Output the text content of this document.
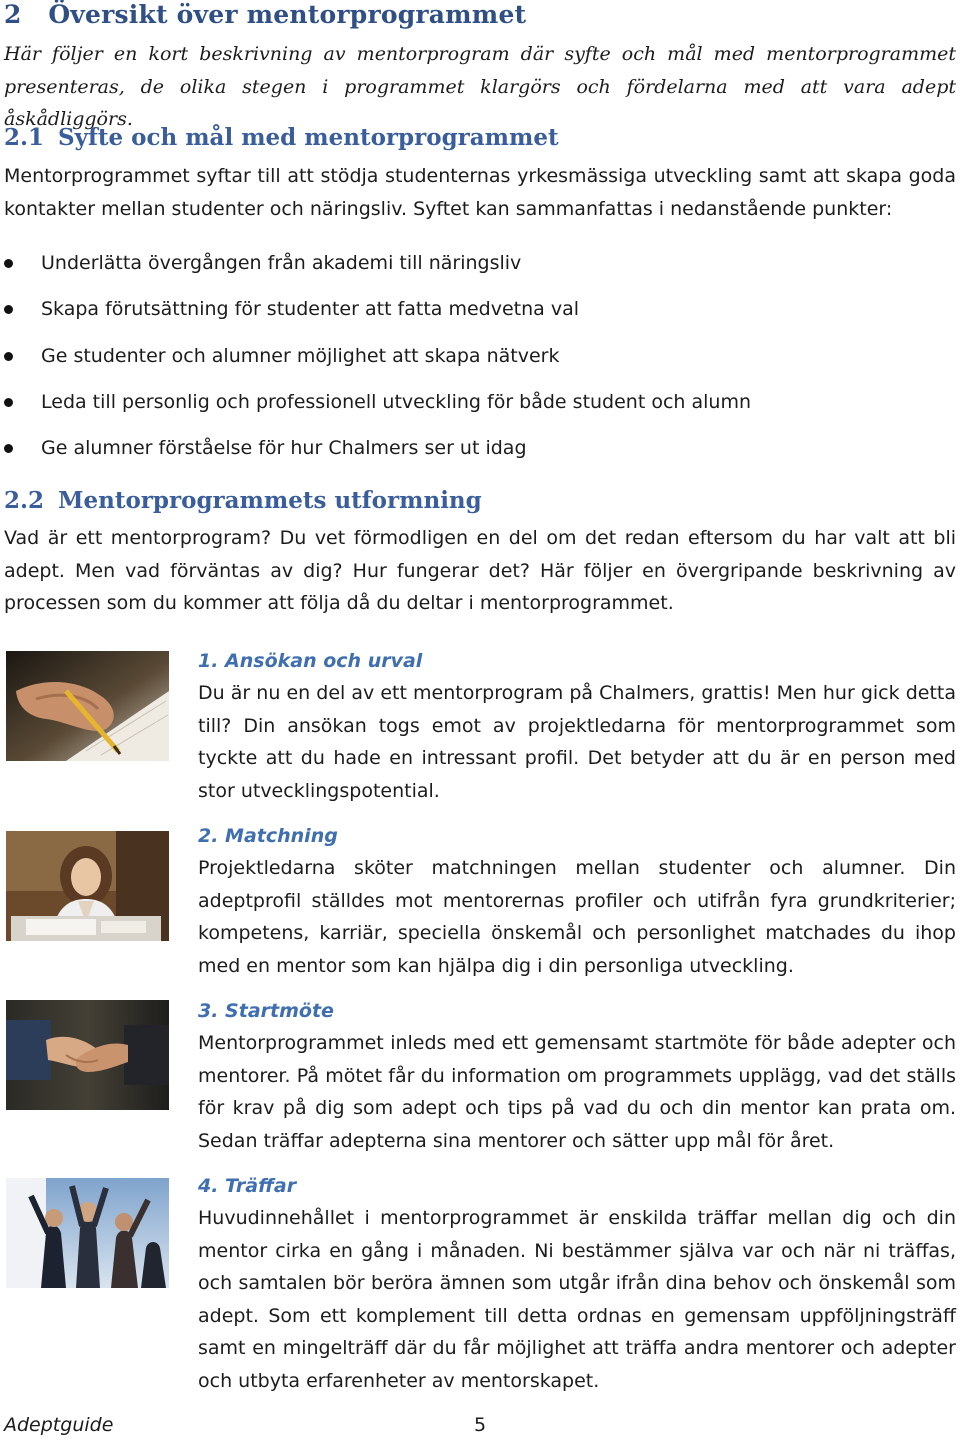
2 Översikt över mentorprogrammet

Här följer en kort beskrivning av mentorprogram där syfte och mål med mentorprogrammet presenteras, de olika stegen i programmet klargörs och fördelarna med att vara adept åskådliggörs.

2.1 Syfte och mål med mentorprogrammet

Mentorprogrammet syftar till att stödja studenternas yrkesmässiga utveckling samt att skapa goda kontakter mellan studenter och näringsliv. Syftet kan sammanfattas i nedanstående punkter:

Underlätta övergången från akademi till näringsliv
Skapa förutsättning för studenter att fatta medvetna val
Ge studenter och alumner möjlighet att skapa nätverk
Leda till personlig och professionell utveckling för både student och alumn
Ge alumner förståelse för hur Chalmers ser ut idag
2.2 Mentorprogrammets utformning

Vad är ett mentorprogram? Du vet förmodligen en del om det redan eftersom du har valt att bli adept. Men vad förväntas av dig? Hur fungerar det? Här följer en övergripande beskrivning av processen som du kommer att följa då du deltar i mentorprogrammet.

1. Ansökan och urval

Du är nu en del av ett mentorprogram på Chalmers, grattis! Men hur gick detta till? Din ansökan togs emot av projektledarna för mentorprogrammet som tyckte att du hade en intressant profil. Det betyder att du är en person med stor utvecklingspotential.

2. Matchning

Projektledarna sköter matchningen mellan studenter och alumner. Din adeptprofil ställdes mot mentorernas profiler och utifrån fyra grundkriterier; kompetens, karriär, speciella önskemål och personlighet matchades du ihop med en mentor som kan hjälpa dig i din personliga utveckling.

3. Startmöte

Mentorprogrammet inleds med ett gemensamt startmöte för både adepter och mentorer. På mötet får du information om programmets upplägg, vad det ställs för krav på dig som adept och tips på vad du och din mentor kan prata om. Sedan träffar adepterna sina mentorer och sätter upp mål för året.

4. Träffar

Huvudinnehållet i mentorprogrammet är enskilda träffar mellan dig och din mentor cirka en gång i månaden. Ni bestämmer själva var och när ni träffas, och samtalen bör beröra ämnen som utgår ifrån dina behov och önskemål som adept. Som ett komplement till detta ordnas en gemensam uppföljningsträff samt en mingelträff där du får möjlighet att träffa andra mentorer och adepter och utbyta erfarenheter av mentorskapet.

Adeptguide	5
